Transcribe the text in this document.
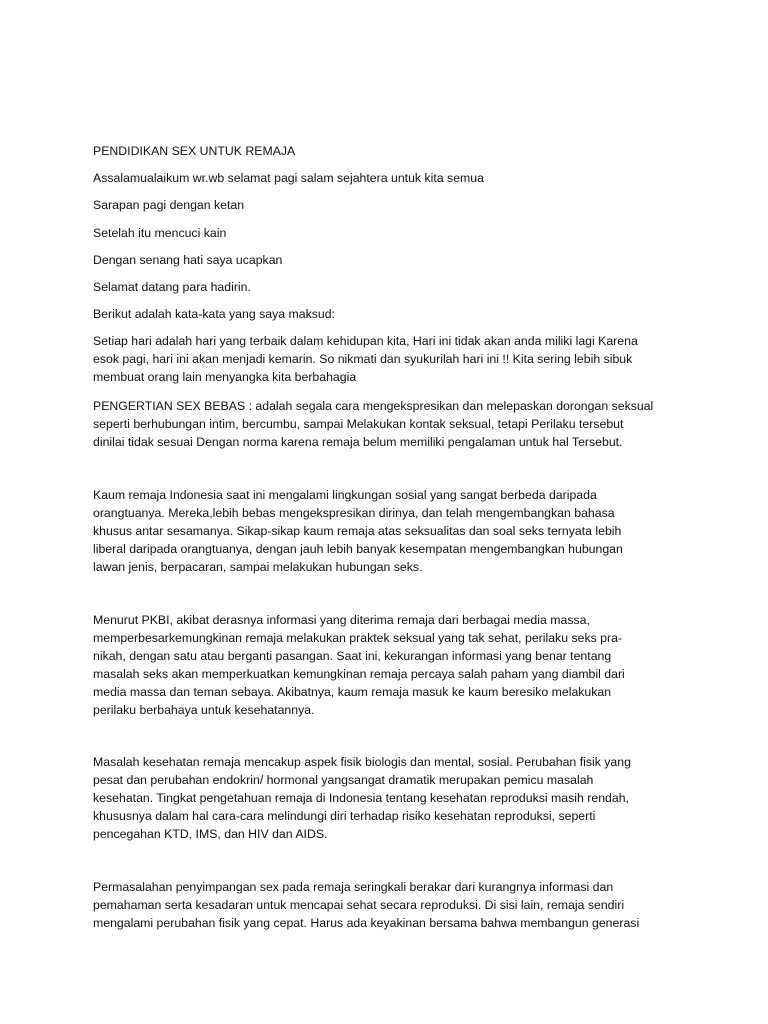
PENDIDIKAN SEX UNTUK REMAJA
Assalamualaikum wr.wb selamat pagi salam sejahtera untuk kita semua
Sarapan pagi dengan ketan
Setelah itu mencuci kain
Dengan senang hati saya ucapkan
Selamat datang para hadirin.
Berikut adalah kata-kata yang saya maksud:
Setiap hari adalah hari yang terbaik dalam kehidupan kita, Hari ini tidak akan anda miliki lagi Karena
esok pagi, hari ini akan menjadi kemarin. So nikmati dan syukurilah hari ini !! Kita sering lebih sibuk
membuat orang lain menyangka kita berbahagia
PENGERTIAN SEX BEBAS : adalah segala cara mengekspresikan dan melepaskan dorongan seksual
seperti berhubungan intim, bercumbu, sampai Melakukan kontak seksual, tetapi Perilaku tersebut
dinilai tidak sesuai Dengan norma karena remaja belum memiliki pengalaman untuk hal Tersebut.
Kaum remaja Indonesia saat ini mengalami lingkungan sosial yang sangat berbeda daripada
orangtuanya. Mereka,lebih bebas mengekspresikan dirinya, dan telah mengembangkan bahasa
khusus antar sesamanya. Sikap-sikap kaum remaja atas seksualitas dan soal seks ternyata lebih
liberal daripada orangtuanya, dengan jauh lebih banyak kesempatan mengembangkan hubungan
lawan jenis, berpacaran, sampai melakukan hubungan seks.
Menurut PKBI, akibat derasnya informasi yang diterima remaja dari berbagai media massa,
memperbesarkemungkinan remaja melakukan praktek seksual yang tak sehat, perilaku seks pra-
nikah, dengan satu atau berganti pasangan. Saat ini, kekurangan informasi yang benar tentang
masalah seks akan memperkuatkan kemungkinan remaja percaya salah paham yang diambil dari
media massa dan teman sebaya. Akibatnya, kaum remaja masuk ke kaum beresiko melakukan
perilaku berbahaya untuk kesehatannya.
Masalah kesehatan remaja mencakup aspek fisik biologis dan mental, sosial. Perubahan fisik yang
pesat dan perubahan endokrin/ hormonal yangsangat dramatik merupakan pemicu masalah
kesehatan. Tingkat pengetahuan remaja di Indonesia tentang kesehatan reproduksi masih rendah,
khususnya dalam hal cara-cara melindungi diri terhadap risiko kesehatan reproduksi, seperti
pencegahan KTD, IMS, dan HIV dan AIDS.
Permasalahan penyimpangan sex pada remaja seringkali berakar dari kurangnya informasi dan
pemahaman serta kesadaran untuk mencapai sehat secara reproduksi. Di sisi lain, remaja sendiri
mengalami perubahan fisik yang cepat. Harus ada keyakinan bersama bahwa membangun generasi
